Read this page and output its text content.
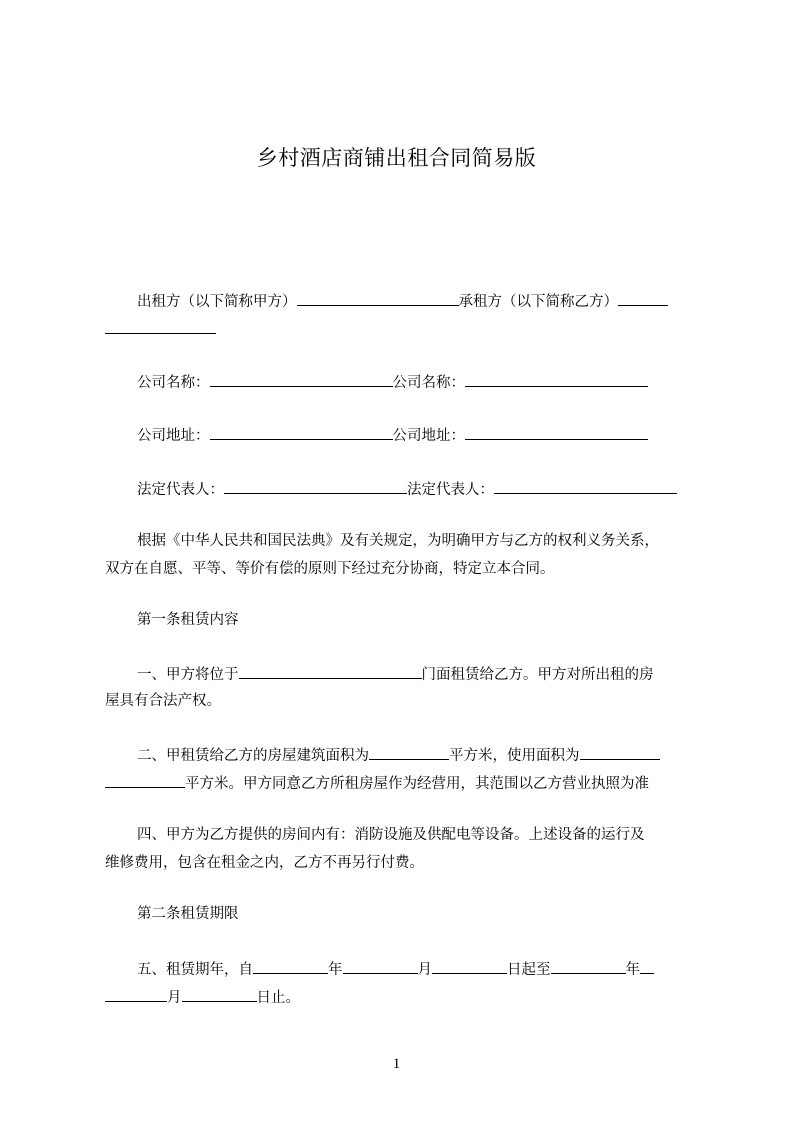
乡村酒店商铺出租合同简易版
出租方（以下简称甲方）	承租方（以下简称乙方）
公司名称：	公司名称：
公司地址：	公司地址：
法定代表人：	法定代表人：
根据《中华人民共和国民法典》及有关规定，为明确甲方与乙方的权利义务关系，
双方在自愿、平等、等价有偿的原则下经过充分协商，特定立本合同。
第一条租赁内容
一、甲方将位于	门面租赁给乙方。甲方对所出租的房
屋具有合法产权。
二、甲租赁给乙方的房屋建筑面积为	平方米，使用面积为
平方米。甲方同意乙方所租房屋作为经营用，其范围以乙方营业执照为准
四、甲方为乙方提供的房间内有：消防设施及供配电等设备。上述设备的运行及
维修费用，包含在租金之内，乙方不再另行付费。
第二条租赁期限
五、租赁期年，自	年	月	日起至	年
月	日止。
1
